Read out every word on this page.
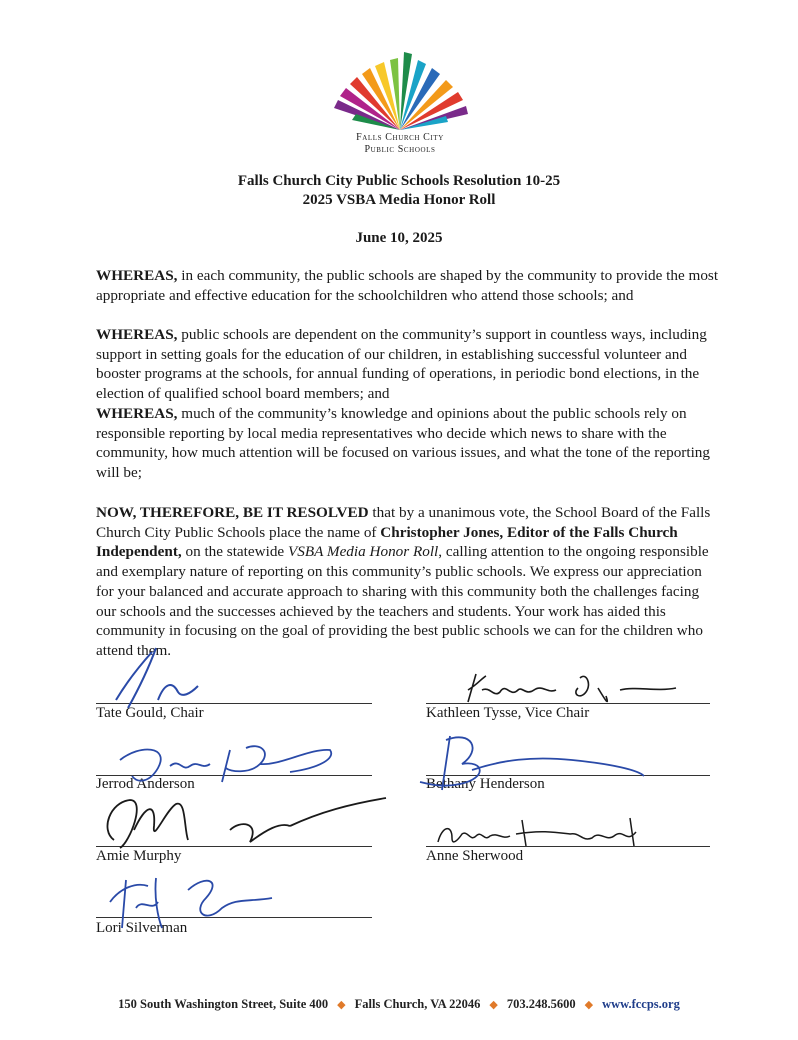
Falls Church City
Public Schools
Falls Church City Public Schools Resolution 10-25
2025 VSBA Media Honor Roll
June 10, 2025

WHEREAS, in each community, the public schools are shaped by the community to provide the most appropriate and effective education for the schoolchildren who attend those schools; and

WHEREAS, public schools are dependent on the community’s support in countless ways, including support in setting goals for the education of our children, in establishing successful volunteer and booster programs at the schools, for annual funding of operations, in periodic bond elections, in the election of qualified school board members; and

WHEREAS, much of the community’s knowledge and opinions about the public schools rely on responsible reporting by local media representatives who decide which news to share with the community, how much attention will be focused on various issues, and what the tone of the reporting will be;

NOW, THEREFORE, BE IT RESOLVED that by a unanimous vote, the School Board of the Falls Church City Public Schools place the name of Christopher Jones, Editor of the Falls Church Independent, on the statewide VSBA Media Honor Roll, calling attention to the ongoing responsible and exemplary nature of reporting on this community’s public schools. We express our appreciation for your balanced and accurate approach to sharing with this community both the challenges facing our schools and the successes achieved by the teachers and students. Your work has aided this community in focusing on the goal of providing the best public schools we can for the children who attend them.

Tate Gould, Chair	Kathleen Tysse, Vice Chair
Jerrod Anderson	Bethany Henderson
Amie Murphy	Anne Sherwood
Lori Silverman
150 South Washington Street, Suite 400 ◆ Falls Church, VA 22046 ◆ 703.248.5600 ◆ www.fccps.org
